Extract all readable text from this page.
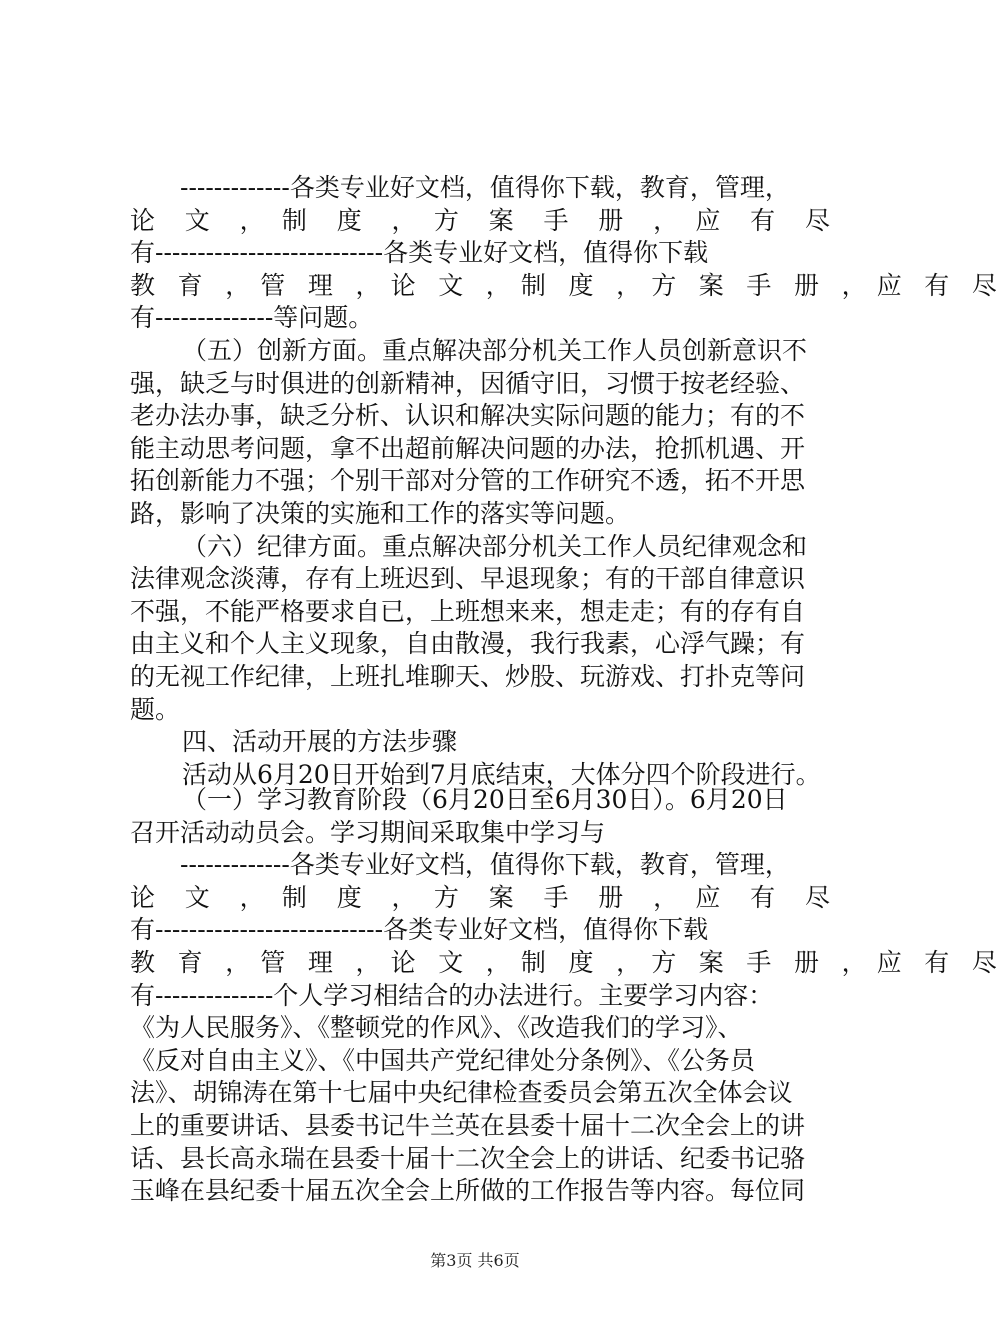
-------------各类专业好文档，值得你下载，教育，管理，
论　文　，　制　度　，　方　案　手　册　，　应　有　尽
有---------------------------各类专业好文档，值得你下载
教　育　，　管　理　，　论　文　，　制　度　，　方　案　手　册　，　应　有　尽
有--------------等问题。
（五）创新方面。重点解决部分机关工作人员创新意识不
强，缺乏与时俱进的创新精神，因循守旧，习惯于按老经验、
老办法办事，缺乏分析、认识和解决实际问题的能力；有的不
能主动思考问题，拿不出超前解决问题的办法，抢抓机遇、开
拓创新能力不强；个别干部对分管的工作研究不透，拓不开思
路，影响了决策的实施和工作的落实等问题。
（六）纪律方面。重点解决部分机关工作人员纪律观念和
法律观念淡薄，存有上班迟到、早退现象；有的干部自律意识
不强，不能严格要求自已，上班想来来，想走走；有的存有自
由主义和个人主义现象，自由散漫，我行我素，心浮气躁；有
的无视工作纪律，上班扎堆聊天、炒股、玩游戏、打扑克等问
题。
四、活动开展的方法步骤
活动从6月20日开始到7月底结束，大体分四个阶段进行。
（一）学习教育阶段（6月20日至6月30日）。6月20日
召开活动动员会。学习期间采取集中学习与
-------------各类专业好文档，值得你下载，教育，管理，
论　文　，　制　度　，　方　案　手　册　，　应　有　尽
有---------------------------各类专业好文档，值得你下载
教　育　，　管　理　，　论　文　，　制　度　，　方　案　手　册　，　应　有　尽
有--------------个人学习相结合的办法进行。主要学习内容：
《为人民服务》、《整顿党的作风》、《改造我们的学习》、
《反对自由主义》、《中国共产党纪律处分条例》、《公务员
法》、胡锦涛在第十七届中央纪律检查委员会第五次全体会议
上的重要讲话、县委书记牛兰英在县委十届十二次全会上的讲
话、县长高永瑞在县委十届十二次全会上的讲话、纪委书记骆
玉峰在县纪委十届五次全会上所做的工作报告等内容。每位同
第3页 共6页
